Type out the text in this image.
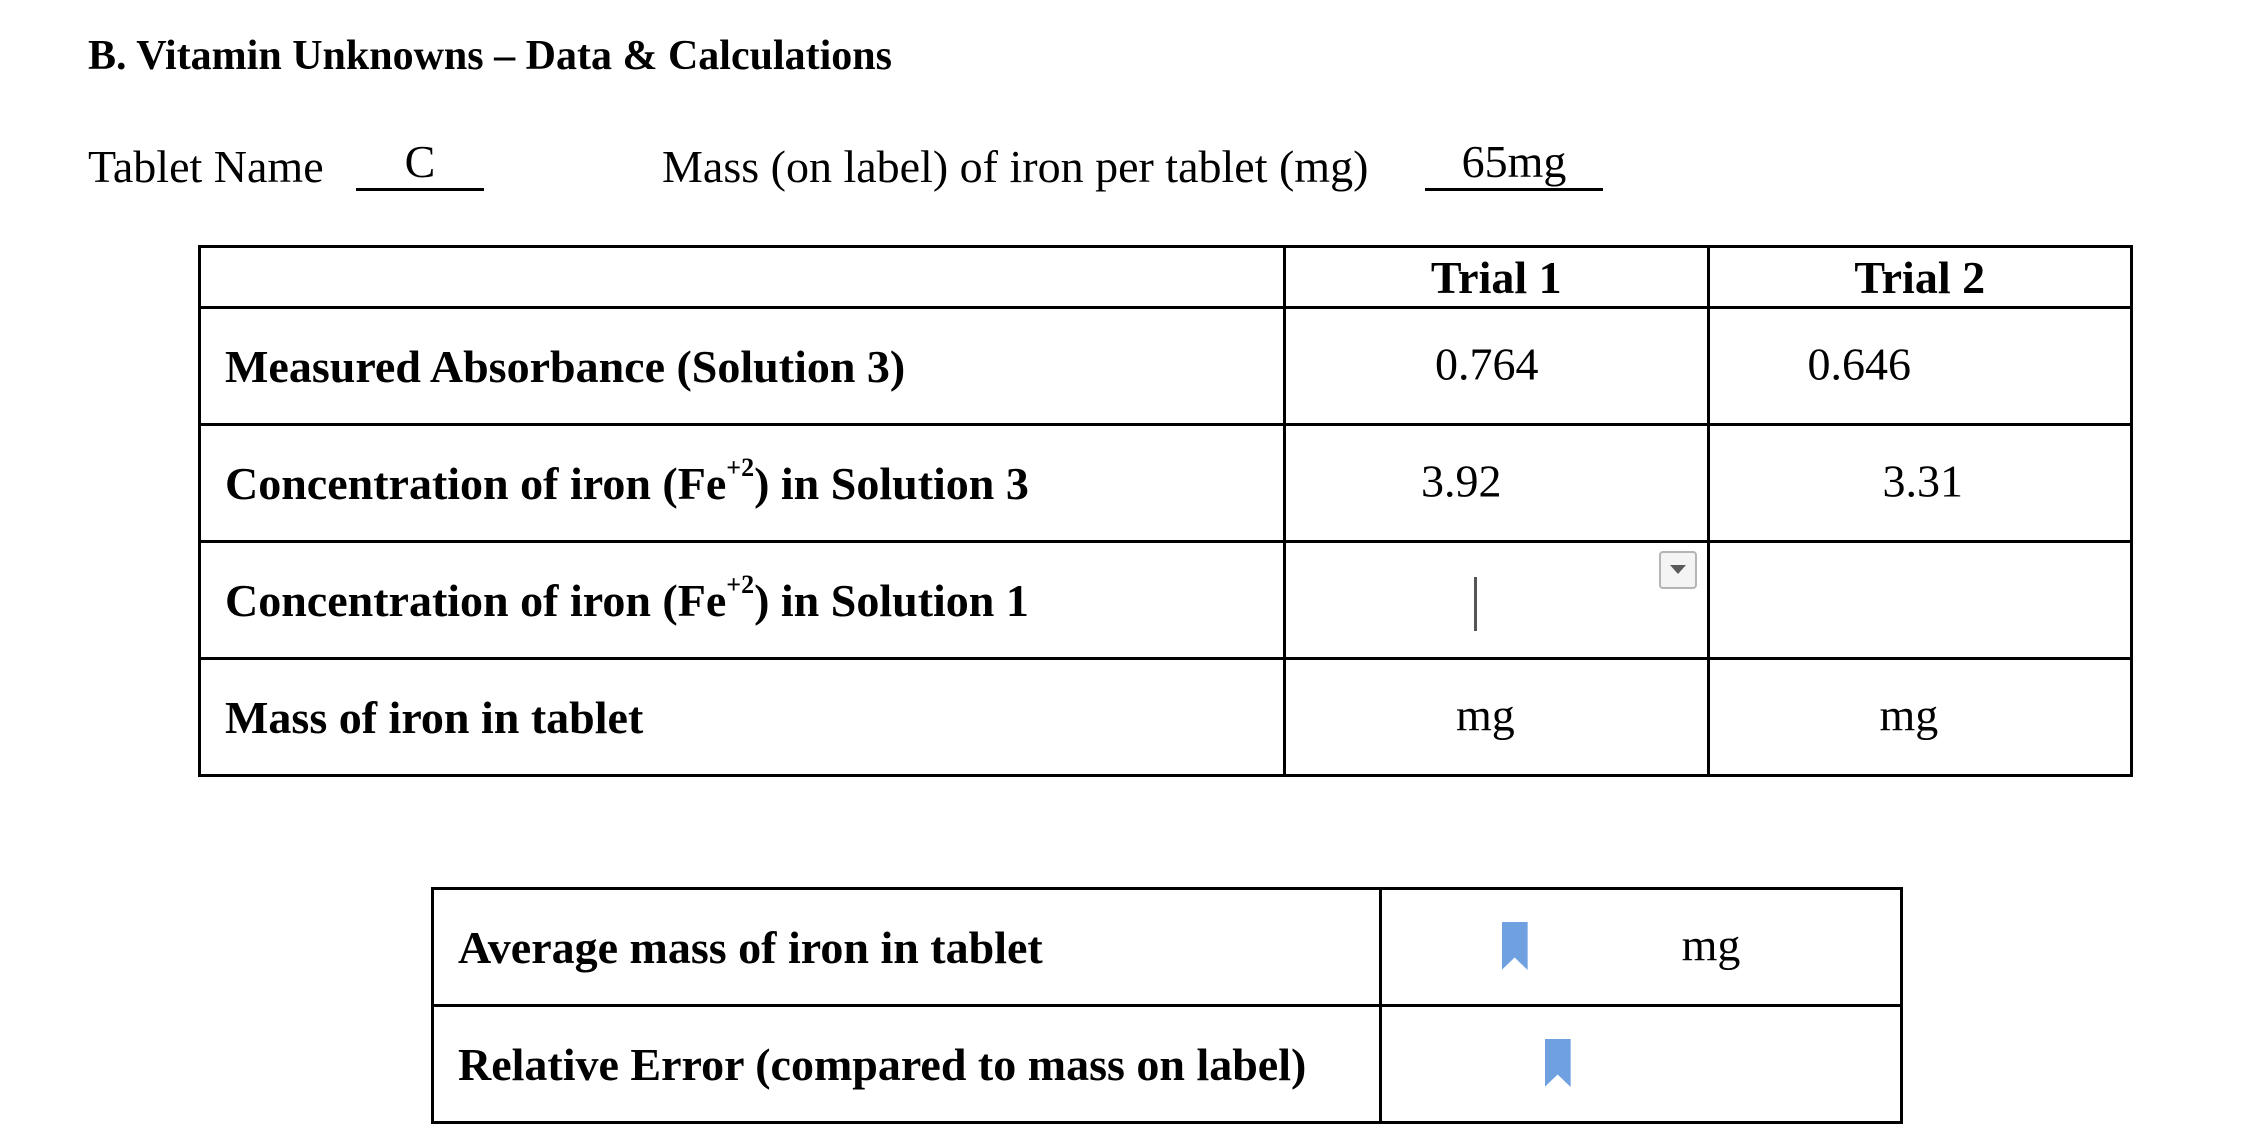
B. Vitamin Unknowns – Data & Calculations
Tablet Name	C	Mass (on label) of iron per tablet (mg)	65mg
	Trial 1	Trial 2
Measured Absorbance (Solution 3)	0.764	0.646

Concentration of iron $(Fe^{+2})$ in Solution 3	3.92	3.31

Concentration of iron $(Fe^{+2})$ in Solution 1	

Mass of iron in tablet	mg	mg
Average mass of iron in tablet	mg

Relative Error (compared to mass on label)	
